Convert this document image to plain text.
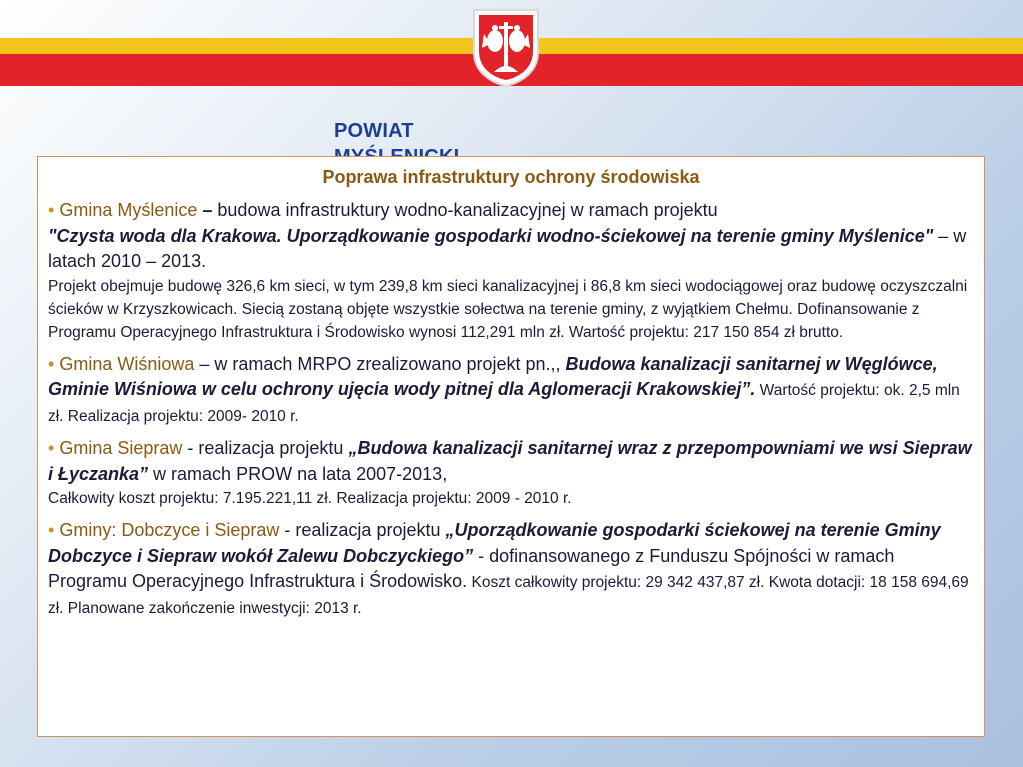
POWIAT
Poprawa infrastruktury ochrony środowiska
• Gmina Myślenice – budowa infrastruktury wodno-kanalizacyjnej w ramach projektu
"Czysta woda dla Krakowa. Uporządkowanie gospodarki wodno-ściekowej na terenie gminy Myślenice" – w latach 2010 – 2013.
Projekt obejmuje budowę 326,6 km sieci, w tym 239,8 km sieci kanalizacyjnej i 86,8 km sieci wodociągowej oraz budowę oczyszczalni ścieków w Krzyszkowicach. Siecią zostaną objęte wszystkie sołectwa na terenie gminy, z wyjątkiem Chełmu. Dofinansowanie z Programu Operacyjnego Infrastruktura i Środowisko wynosi 112,291 mln zł. Wartość projektu: 217 150 854 zł brutto.
• Gmina Wiśniowa – w ramach MRPO zrealizowano projekt pn.,, Budowa kanalizacji sanitarnej w Węglówce, Gminie Wiśniowa w celu ochrony ujęcia wody pitnej dla Aglomeracji Krakowskiej”. Wartość projektu: ok. 2,5 mln zł. Realizacja projektu: 2009- 2010 r.
• Gmina Siepraw - realizacja projektu „Budowa kanalizacji sanitarnej wraz z przepompowniami we wsi Siepraw i Łyczanka” w ramach PROW na lata 2007-2013,
Całkowity koszt projektu: 7.195.221,11 zł. Realizacja projektu: 2009 - 2010 r.
• Gminy: Dobczyce i Siepraw - realizacja projektu „Uporządkowanie gospodarki ściekowej na terenie Gminy Dobczyce i Siepraw wokół Zalewu Dobczyckiego” - dofinansowanego z Funduszu Spójności w ramach Programu Operacyjnego Infrastruktura i Środowisko. Koszt całkowity projektu: 29 342 437,87 zł. Kwota dotacji: 18 158 694,69 zł. Planowane zakończenie inwestycji: 2013 r.
